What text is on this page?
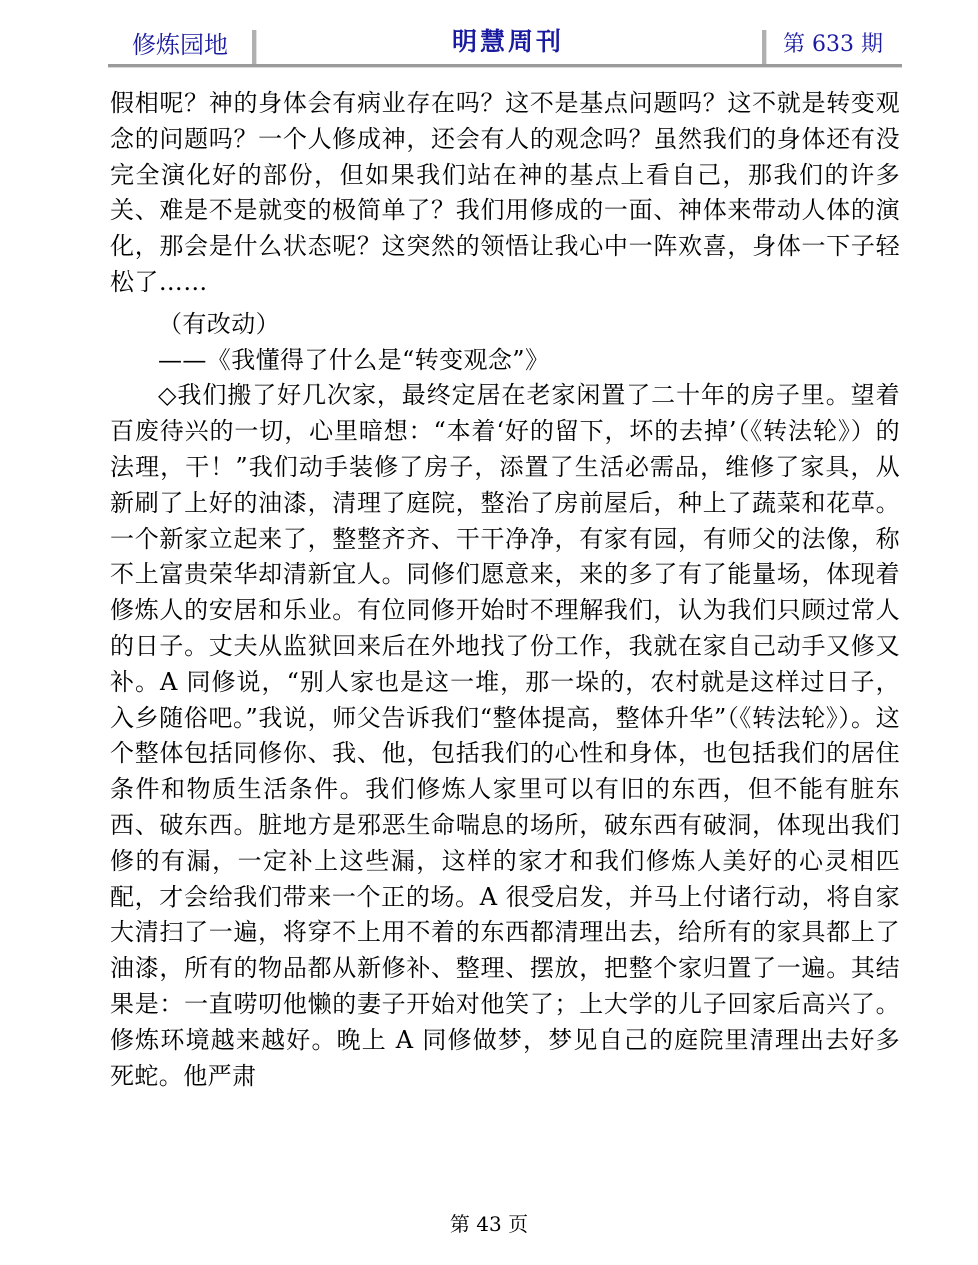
修炼园地	明慧周刊	第 633 期

假相呢？神的身体会有病业存在吗？这不是基点问题吗？这不就是转变观念的问题吗？一个人修成神，还会有人的观念吗？虽然我们的身体还有没完全演化好的部份，但如果我们站在神的基点上看自己，那我们的许多关、难是不是就变的极简单了？我们用修成的一面、神体来带动人体的演化，那会是什么状态呢？这突然的领悟让我心中一阵欢喜，身体一下子轻松了……

（有改动）

——《我懂得了什么是“转变观念”》

◇我们搬了好几次家，最终定居在老家闲置了二十年的房子里。望着百废待兴的一切，心里暗想：“本着‘好的留下，坏的去掉’（《转法轮》）的法理，干！”我们动手装修了房子，添置了生活必需品，维修了家具，从新刷了上好的油漆，清理了庭院，整治了房前屋后，种上了蔬菜和花草。一个新家立起来了，整整齐齐、干干净净，有家有园，有师父的法像，称不上富贵荣华却清新宜人。同修们愿意来，来的多了有了能量场，体现着修炼人的安居和乐业。有位同修开始时不理解我们，认为我们只顾过常人的日子。丈夫从监狱回来后在外地找了份工作，我就在家自己动手又修又补。A 同修说，“别人家也是这一堆，那一垛的，农村就是这样过日子，入乡随俗吧。”我说，师父告诉我们“整体提高，整体升华”（《转法轮》）。这个整体包括同修你、我、他，包括我们的心性和身体，也包括我们的居住条件和物质生活条件。我们修炼人家里可以有旧的东西，但不能有脏东西、破东西。脏地方是邪恶生命喘息的场所，破东西有破洞，体现出我们修的有漏，一定补上这些漏，这样的家才和我们修炼人美好的心灵相匹配，才会给我们带来一个正的场。A 很受启发，并马上付诸行动，将自家大清扫了一遍，将穿不上用不着的东西都清理出去，给所有的家具都上了油漆，所有的物品都从新修补、整理、摆放，把整个家归置了一遍。其结果是：一直唠叨他懒的妻子开始对他笑了；上大学的儿子回家后高兴了。修炼环境越来越好。晚上 A 同修做梦，梦见自己的庭院里清理出去好多死蛇。他严肃

第 43 页
